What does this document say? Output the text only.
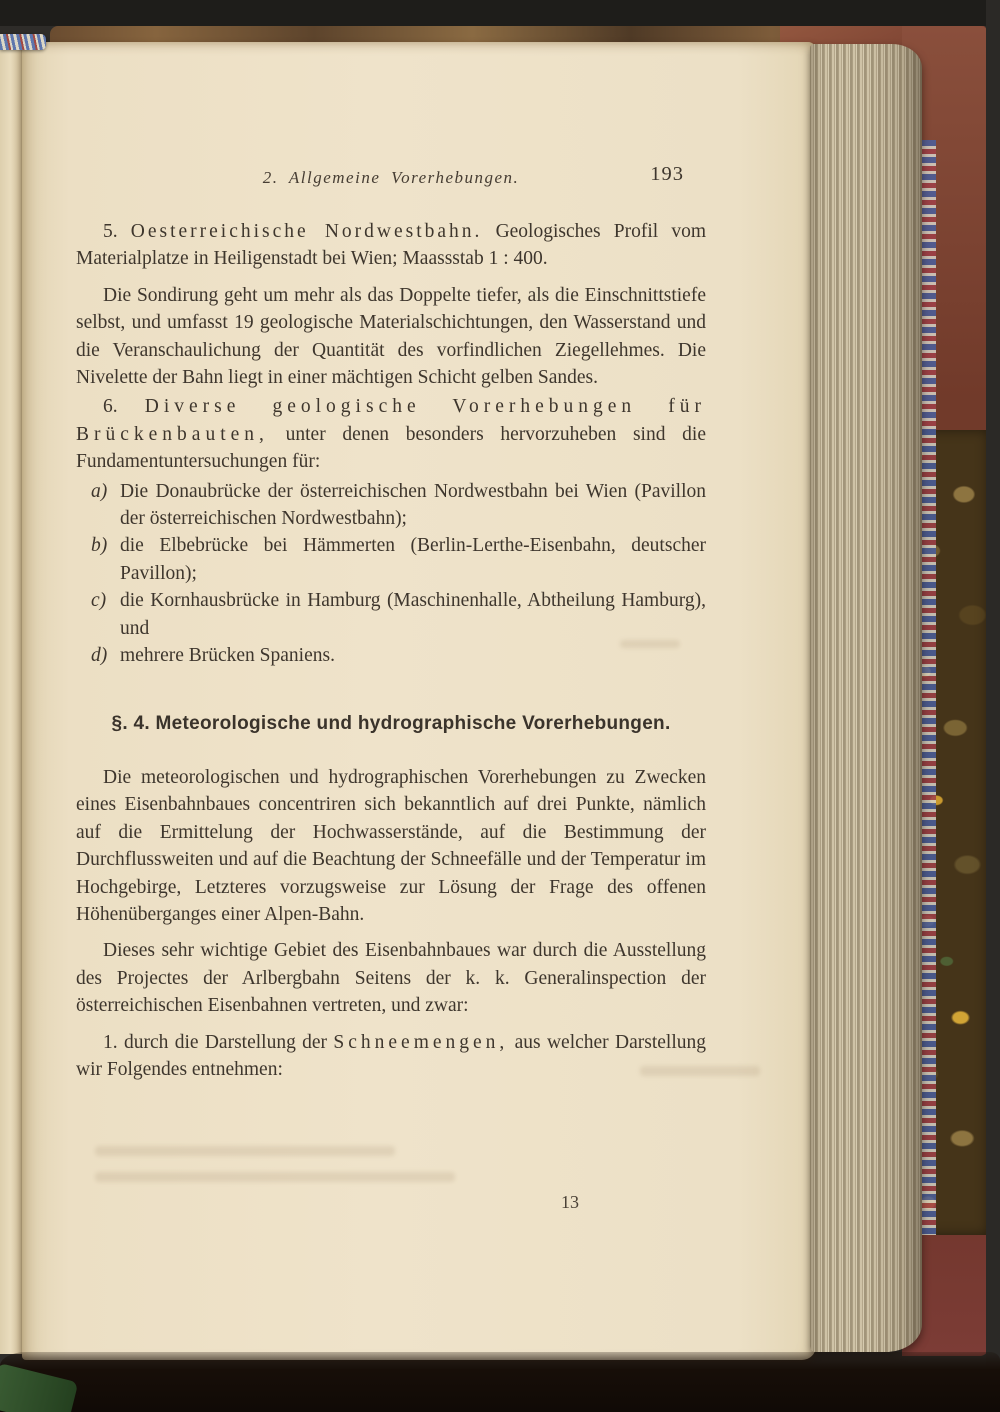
2. Allgemeine Vorerhebungen.	193

5. Oesterreichische Nordwestbahn. Geologisches Profil vom Materialplatze in Heiligenstadt bei Wien; Maassstab 1 : 400.

Die Sondirung geht um mehr als das Doppelte tiefer, als die Einschnittstiefe selbst, und umfasst 19 geologische Materialschichtungen, den Wasserstand und die Veranschaulichung der Quantität des vorfindlichen Ziegellehmes. Die Nivelette der Bahn liegt in einer mächtigen Schicht gelben Sandes.

6. Diverse geologische Vorerhebungen für Brückenbauten, unter denen besonders hervorzuheben sind die Fundamentuntersuchungen für:

a) Die Donaubrücke der österreichischen Nordwestbahn bei Wien (Pavillon der österreichischen Nordwestbahn);
b) die Elbebrücke bei Hämmerten (Berlin-Lerthe-Eisenbahn, deutscher Pavillon);
c) die Kornhausbrücke in Hamburg (Maschinenhalle, Abtheilung Hamburg), und
d) mehrere Brücken Spaniens.

§. 4. Meteorologische und hydrographische Vorerhebungen.

Die meteorologischen und hydrographischen Vorerhebungen zu Zwecken eines Eisenbahnbaues concentriren sich bekanntlich auf drei Punkte, nämlich auf die Ermittelung der Hochwasserstände, auf die Bestimmung der Durchflussweiten und auf die Beachtung der Schneefälle und der Temperatur im Hochgebirge, Letzteres vorzugsweise zur Lösung der Frage des offenen Höhenüberganges einer Alpen-Bahn.

Dieses sehr wichtige Gebiet des Eisenbahnbaues war durch die Ausstellung des Projectes der Arlbergbahn Seitens der k. k. Generalinspection der österreichischen Eisenbahnen vertreten, und zwar:

1. durch die Darstellung der Schneemengen, aus welcher Darstellung wir Folgendes entnehmen:

13
